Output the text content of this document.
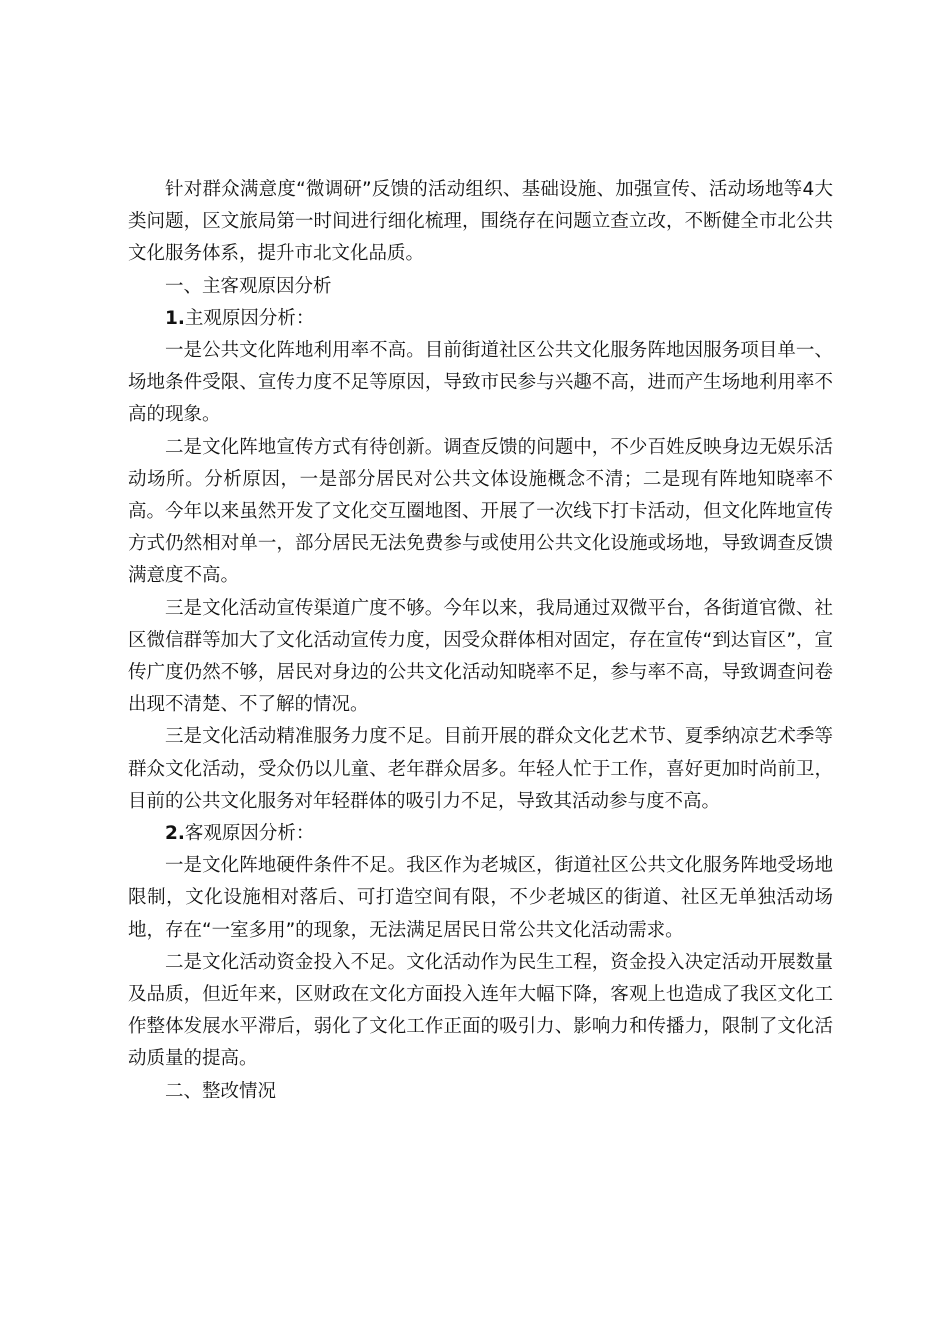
针对群众满意度“微调研”反馈的活动组织、基础设施、加强宣传、活动场地等4大类问题，区文旅局第一时间进行细化梳理，围绕存在问题立查立改，不断健全市北公共文化服务体系，提升市北文化品质。

一、主客观原因分析

1.主观原因分析：

一是公共文化阵地利用率不高。目前街道社区公共文化服务阵地因服务项目单一、场地条件受限、宣传力度不足等原因，导致市民参与兴趣不高，进而产生场地利用率不高的现象。

二是文化阵地宣传方式有待创新。调查反馈的问题中，不少百姓反映身边无娱乐活动场所。分析原因，一是部分居民对公共文体设施概念不清；二是现有阵地知晓率不高。今年以来虽然开发了文化交互圈地图、开展了一次线下打卡活动，但文化阵地宣传方式仍然相对单一，部分居民无法免费参与或使用公共文化设施或场地，导致调查反馈满意度不高。

三是文化活动宣传渠道广度不够。今年以来，我局通过双微平台，各街道官微、社区微信群等加大了文化活动宣传力度，因受众群体相对固定，存在宣传“到达盲区”，宣传广度仍然不够，居民对身边的公共文化活动知晓率不足，参与率不高，导致调查问卷出现不清楚、不了解的情况。

三是文化活动精准服务力度不足。目前开展的群众文化艺术节、夏季纳凉艺术季等群众文化活动，受众仍以儿童、老年群众居多。年轻人忙于工作，喜好更加时尚前卫，目前的公共文化服务对年轻群体的吸引力不足，导致其活动参与度不高。

2.客观原因分析：

一是文化阵地硬件条件不足。我区作为老城区，街道社区公共文化服务阵地受场地限制，文化设施相对落后、可打造空间有限，不少老城区的街道、社区无单独活动场地，存在“一室多用”的现象，无法满足居民日常公共文化活动需求。

二是文化活动资金投入不足。文化活动作为民生工程，资金投入决定活动开展数量及品质，但近年来，区财政在文化方面投入连年大幅下降，客观上也造成了我区文化工作整体发展水平滞后，弱化了文化工作正面的吸引力、影响力和传播力，限制了文化活动质量的提高。

二、整改情况
